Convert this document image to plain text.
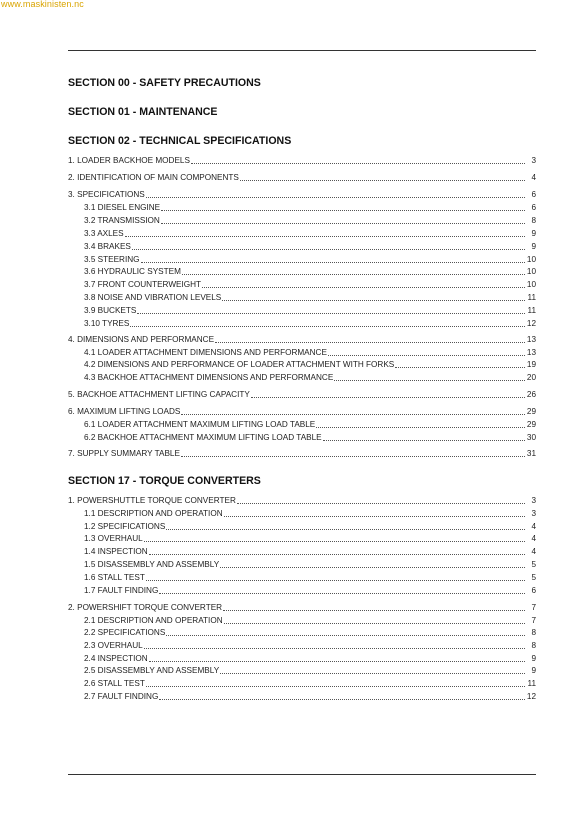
www.maskinisten.nc
SECTION 00 - SAFETY PRECAUTIONS
SECTION 01 - MAINTENANCE
SECTION 02 - TECHNICAL SPECIFICATIONS
1. LOADER BACKHOE MODELS	3
2. IDENTIFICATION OF MAIN COMPONENTS	4
3. SPECIFICATIONS	6
3.1 DIESEL ENGINE	6
3.2 TRANSMISSION	8
3.3 AXLES	9
3.4 BRAKES	9
3.5 STEERING	10
3.6 HYDRAULIC SYSTEM	10
3.7 FRONT COUNTERWEIGHT	10
3.8 NOISE AND VIBRATION LEVELS	11
3.9 BUCKETS	11
3.10 TYRES	12
4. DIMENSIONS AND PERFORMANCE	13
4.1 LOADER ATTACHMENT DIMENSIONS AND PERFORMANCE	13
4.2 DIMENSIONS AND PERFORMANCE OF LOADER ATTACHMENT WITH FORKS	19
4.3 BACKHOE ATTACHMENT DIMENSIONS AND PERFORMANCE	20
5. BACKHOE ATTACHMENT LIFTING CAPACITY	26
6. MAXIMUM LIFTING LOADS	29
6.1 LOADER ATTACHMENT MAXIMUM LIFTING LOAD TABLE	29
6.2 BACKHOE ATTACHMENT MAXIMUM LIFTING LOAD TABLE	30
7. SUPPLY SUMMARY TABLE	31
SECTION 17 - TORQUE CONVERTERS
1. POWERSHUTTLE TORQUE CONVERTER	3
1.1 DESCRIPTION AND OPERATION	3
1.2 SPECIFICATIONS	4
1.3 OVERHAUL	4
1.4 INSPECTION	4
1.5 DISASSEMBLY AND ASSEMBLY	5
1.6 STALL TEST	5
1.7 FAULT FINDING	6
2. POWERSHIFT TORQUE CONVERTER	7
2.1 DESCRIPTION AND OPERATION	7
2.2 SPECIFICATIONS	8
2.3 OVERHAUL	8
2.4 INSPECTION	9
2.5 DISASSEMBLY AND ASSEMBLY	9
2.6 STALL TEST	11
2.7 FAULT FINDING	12
